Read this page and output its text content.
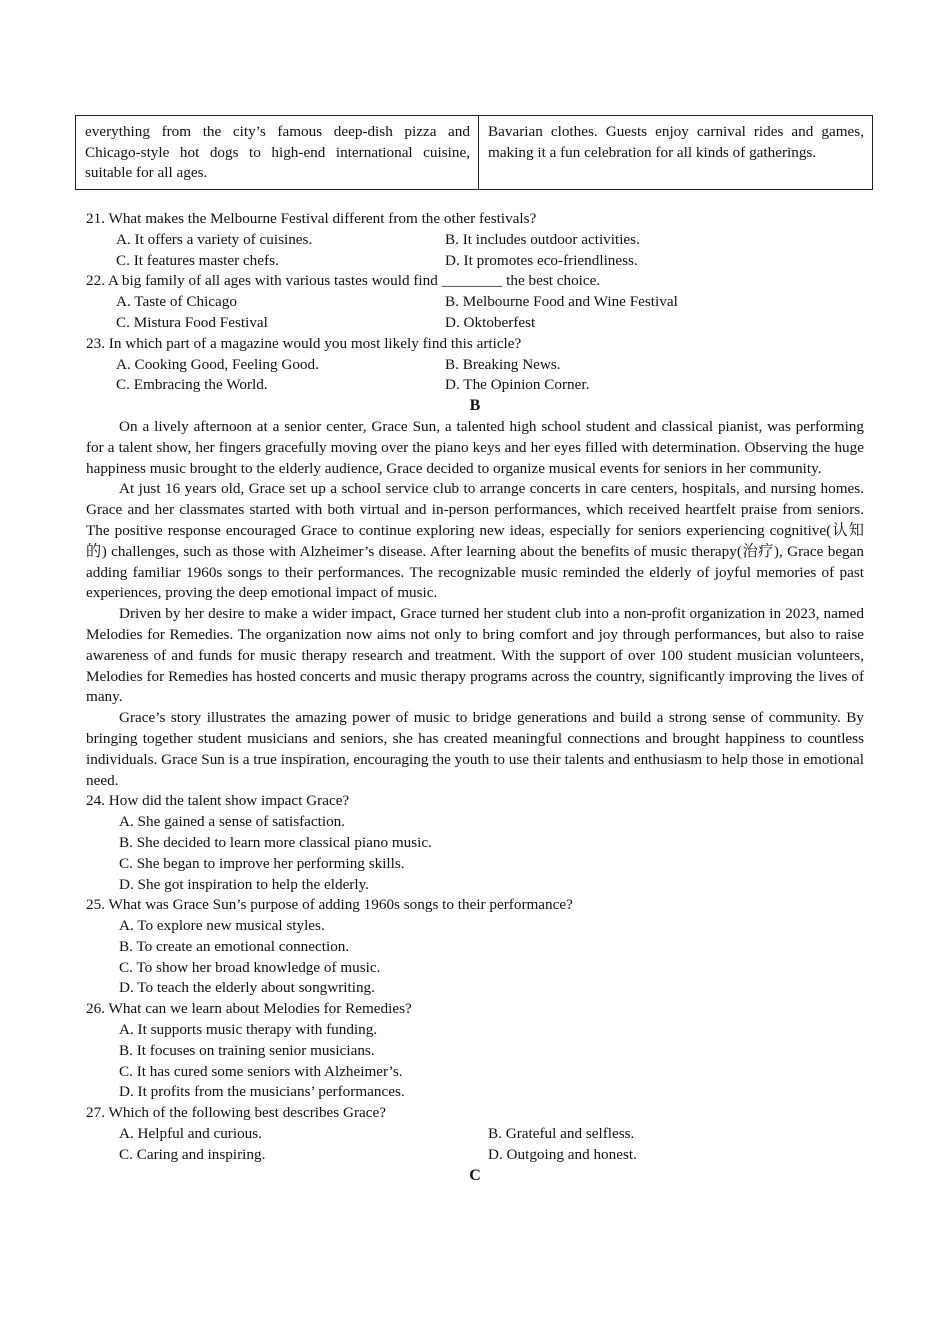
everything from the city’s famous deep-dish pizza and Chicago-style hot dogs to high-end international cuisine, suitable for all ages.	Bavarian clothes. Guests enjoy carnival rides and games, making it a fun celebration for all kinds of gatherings.
21. What makes the Melbourne Festival different from the other festivals?
A. It offers a variety of cuisines.	B. It includes outdoor activities.
C. It features master chefs.	D. It promotes eco-friendliness.
22. A big family of all ages with various tastes would find ________ the best choice.
A. Taste of Chicago	B. Melbourne Food and Wine Festival
C. Mistura Food Festival	D. Oktoberfest
23. In which part of a magazine would you most likely find this article?
A. Cooking Good, Feeling Good.	B. Breaking News.
C. Embracing the World.	D. The Opinion Corner.
B

On a lively afternoon at a senior center, Grace Sun, a talented high school student and classical pianist, was performing for a talent show, her fingers gracefully moving over the piano keys and her eyes filled with determination. Observing the huge happiness music brought to the elderly audience, Grace decided to organize musical events for seniors in her community.

At just 16 years old, Grace set up a school service club to arrange concerts in care centers, hospitals, and nursing homes. Grace and her classmates started with both virtual and in-person performances, which received heartfelt praise from seniors. The positive response encouraged Grace to continue exploring new ideas, especially for seniors experiencing cognitive(认知的) challenges, such as those with Alzheimer’s disease. After learning about the benefits of music therapy(治疗), Grace began adding familiar 1960s songs to their performances. The recognizable music reminded the elderly of joyful memories of past experiences, proving the deep emotional impact of music.

Driven by her desire to make a wider impact, Grace turned her student club into a non-profit organization in 2023, named Melodies for Remedies. The organization now aims not only to bring comfort and joy through performances, but also to raise awareness of and funds for music therapy research and treatment. With the support of over 100 student musician volunteers, Melodies for Remedies has hosted concerts and music therapy programs across the country, significantly improving the lives of many.

Grace’s story illustrates the amazing power of music to bridge generations and build a strong sense of community. By bringing together student musicians and seniors, she has created meaningful connections and brought happiness to countless individuals. Grace Sun is a true inspiration, encouraging the youth to use their talents and enthusiasm to help those in emotional need.

24. How did the talent show impact Grace?
A. She gained a sense of satisfaction.
B. She decided to learn more classical piano music.
C. She began to improve her performing skills.
D. She got inspiration to help the elderly.
25. What was Grace Sun’s purpose of adding 1960s songs to their performance?
A. To explore new musical styles.
B. To create an emotional connection.
C. To show her broad knowledge of music.
D. To teach the elderly about songwriting.
26. What can we learn about Melodies for Remedies?
A. It supports music therapy with funding.
B. It focuses on training senior musicians.
C. It has cured some seniors with Alzheimer’s.
D. It profits from the musicians’ performances.
27. Which of the following best describes Grace?
A. Helpful and curious.	B. Grateful and selfless.
C. Caring and inspiring.	D. Outgoing and honest.
C
